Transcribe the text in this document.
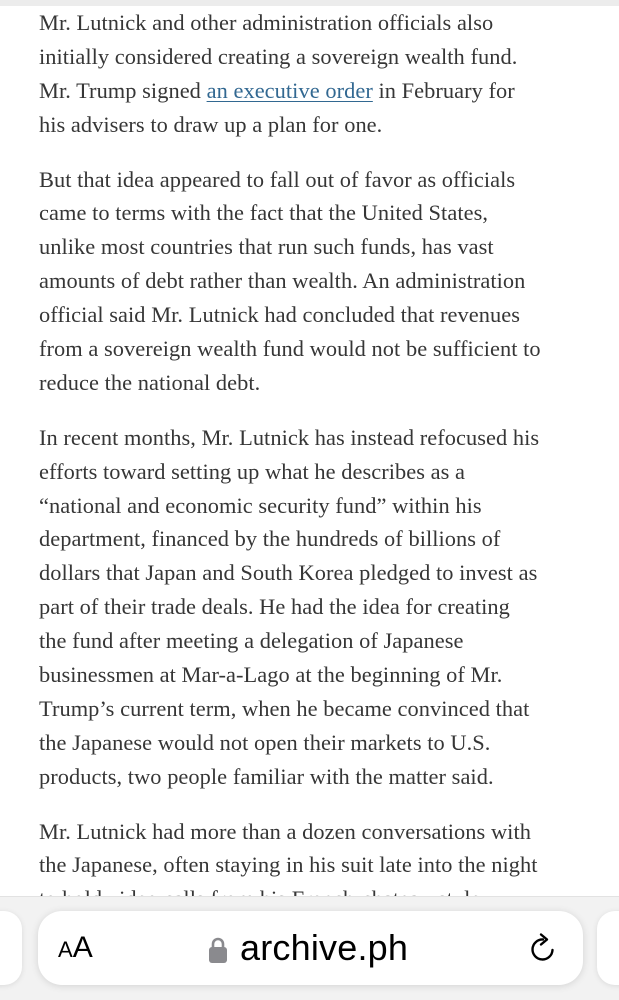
Mr. Lutnick and other administration officials also
initially considered creating a sovereign wealth fund.
Mr. Trump signed an executive order in February for
his advisers to draw up a plan for one.

But that idea appeared to fall out of favor as officials
came to terms with the fact that the United States,
unlike most countries that run such funds, has vast
amounts of debt rather than wealth. An administration
official said Mr. Lutnick had concluded that revenues
from a sovereign wealth fund would not be sufficient to
reduce the national debt.

In recent months, Mr. Lutnick has instead refocused his
efforts toward setting up what he describes as a
“national and economic security fund” within his
department, financed by the hundreds of billions of
dollars that Japan and South Korea pledged to invest as
part of their trade deals. He had the idea for creating
the fund after meeting a delegation of Japanese
businessmen at Mar-a-Lago at the beginning of Mr.
Trump’s current term, when he became convinced that
the Japanese would not open their markets to U.S.
products, two people familiar with the matter said.

Mr. Lutnick had more than a dozen conversations with
the Japanese, often staying in his suit late into the night

AA	archive.ph
